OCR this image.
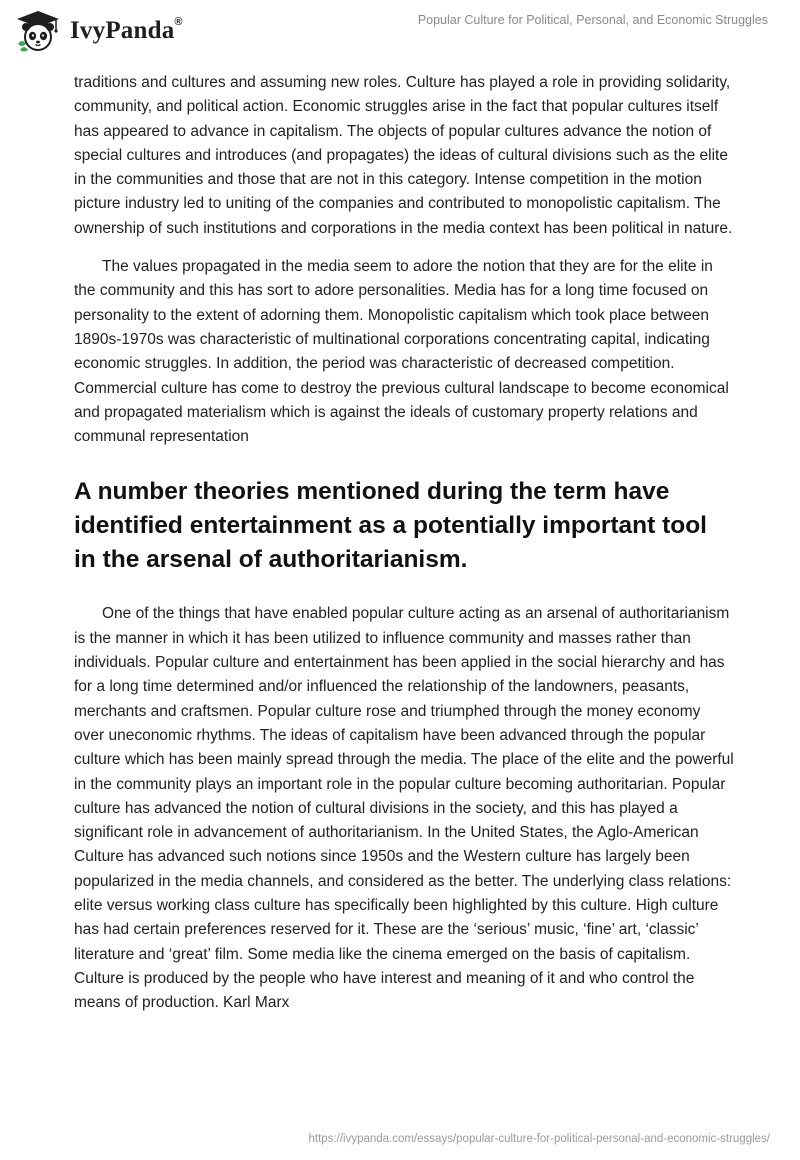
IvyPanda®	Popular Culture for Political, Personal, and Economic Struggles

traditions and cultures and assuming new roles. Culture has played a role in providing solidarity, community, and political action. Economic struggles arise in the fact that popular cultures itself has appeared to advance in capitalism. The objects of popular cultures advance the notion of special cultures and introduces (and propagates) the ideas of cultural divisions such as the elite in the communities and those that are not in this category. Intense competition in the motion picture industry led to uniting of the companies and contributed to monopolistic capitalism. The ownership of such institutions and corporations in the media context has been political in nature.

The values propagated in the media seem to adore the notion that they are for the elite in the community and this has sort to adore personalities. Media has for a long time focused on personality to the extent of adorning them. Monopolistic capitalism which took place between 1890s-1970s was characteristic of multinational corporations concentrating capital, indicating economic struggles. In addition, the period was characteristic of decreased competition. Commercial culture has come to destroy the previous cultural landscape to become economical and propagated materialism which is against the ideals of customary property relations and communal representation

A number theories mentioned during the term have identified entertainment as a potentially important tool in the arsenal of authoritarianism.

One of the things that have enabled popular culture acting as an arsenal of authoritarianism is the manner in which it has been utilized to influence community and masses rather than individuals. Popular culture and entertainment has been applied in the social hierarchy and has for a long time determined and/or influenced the relationship of the landowners, peasants, merchants and craftsmen. Popular culture rose and triumphed through the money economy over uneconomic rhythms. The ideas of capitalism have been advanced through the popular culture which has been mainly spread through the media. The place of the elite and the powerful in the community plays an important role in the popular culture becoming authoritarian. Popular culture has advanced the notion of cultural divisions in the society, and this has played a significant role in advancement of authoritarianism. In the United States, the Aglo-American Culture has advanced such notions since 1950s and the Western culture has largely been popularized in the media channels, and considered as the better. The underlying class relations: elite versus working class culture has specifically been highlighted by this culture. High culture has had certain preferences reserved for it. These are the ‘serious’ music, ‘fine’ art, ‘classic’ literature and ‘great’ film. Some media like the cinema emerged on the basis of capitalism. Culture is produced by the people who have interest and meaning of it and who control the means of production. Karl Marx

https://ivypanda.com/essays/popular-culture-for-political-personal-and-economic-struggles/
